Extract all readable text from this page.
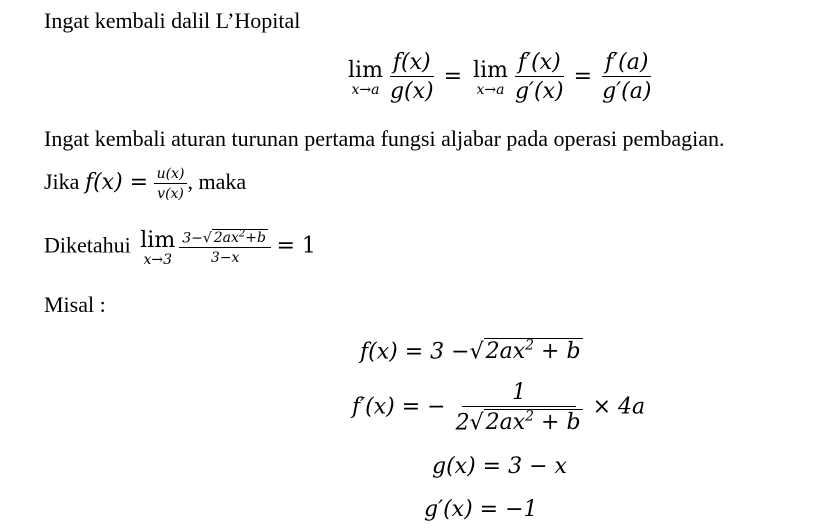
Ingat kembali dalil L’Hopital
lim
$x\to a \frac{f(x)}{g(x)} = \lim$
$x\to a \frac{f'(x)}{g'(x)} = \frac{f'(a)}{g'(a)}$
Ingat kembali aturan turunan pertama fungsi aljabar pada operasi pembagian.
Jika $f(x) = \frac{u(x)}{v(x)}$ , maka
Diketahui lim
$x\to 3 \frac{3-√ 2ax^2+b}{3-x} = 1$
Misal :
$f(x) = 3 -√2ax^2 + b$
f′(x) = − $\frac{1}{2√2ax^2 + b} \times 4a$
g(x) = 3 − x
g′(x) = −1
